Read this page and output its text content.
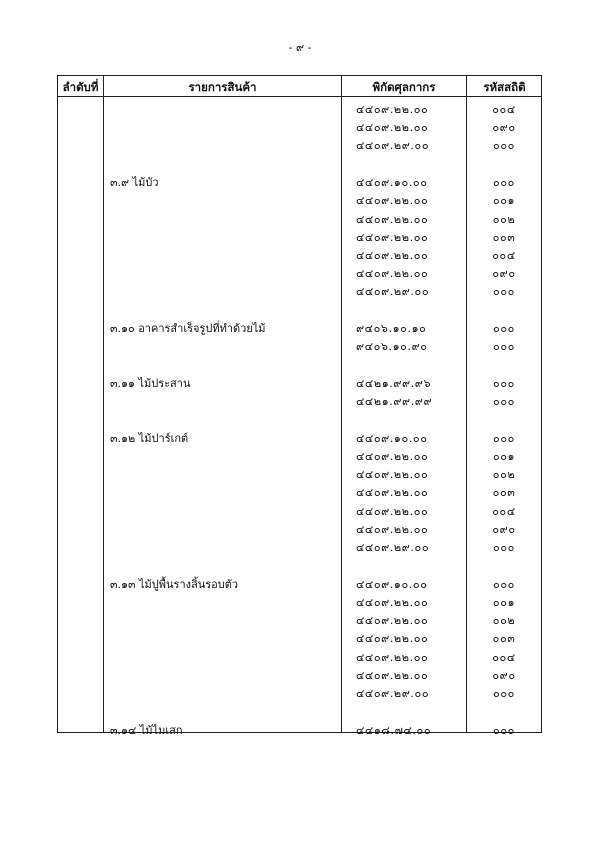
- ๙ -
ลำดับที่	รายการสินค้า	พิกัดศุลกากร	รหัสสถิติ
๔๔๐๙.๒๒.๐๐	๐๐๔
๔๔๐๙.๒๒.๐๐	๐๙๐
๔๔๐๙.๒๙.๐๐	๐๐๐
๓.๙ ไม้บัว	๔๔๐๙.๑๐.๐๐	๐๐๐
๔๔๐๙.๒๒.๐๐	๐๐๑
๔๔๐๙.๒๒.๐๐	๐๐๒
๔๔๐๙.๒๒.๐๐	๐๐๓
๔๔๐๙.๒๒.๐๐	๐๐๔
๔๔๐๙.๒๒.๐๐	๐๙๐
๔๔๐๙.๒๙.๐๐	๐๐๐
๓.๑๐ อาคารสำเร็จรูปที่ทำด้วยไม้	๙๔๐๖.๑๐.๑๐	๐๐๐
๙๔๐๖.๑๐.๙๐	๐๐๐
๓.๑๑ ไม้ประสาน	๔๔๒๑.๙๙.๙๖	๐๐๐
๔๔๒๑.๙๙.๙๙	๐๐๐
๓.๑๒ ไม้ปาร์เกต์	๔๔๐๙.๑๐.๐๐	๐๐๐
๔๔๐๙.๒๒.๐๐	๐๐๑
๔๔๐๙.๒๒.๐๐	๐๐๒
๔๔๐๙.๒๒.๐๐	๐๐๓
๔๔๐๙.๒๒.๐๐	๐๐๔
๔๔๐๙.๒๒.๐๐	๐๙๐
๔๔๐๙.๒๙.๐๐	๐๐๐
๓.๑๓ ไม้ปูพื้นรางลิ้นรอบตัว	๔๔๐๙.๑๐.๐๐	๐๐๐
๔๔๐๙.๒๒.๐๐	๐๐๑
๔๔๐๙.๒๒.๐๐	๐๐๒
๔๔๐๙.๒๒.๐๐	๐๐๓
๔๔๐๙.๒๒.๐๐	๐๐๔
๔๔๐๙.๒๒.๐๐	๐๙๐
๔๔๐๙.๒๙.๐๐	๐๐๐
๓.๑๔ ไม้ไมเสก	๔๔๑๘.๗๔.๐๐	๐๐๐
